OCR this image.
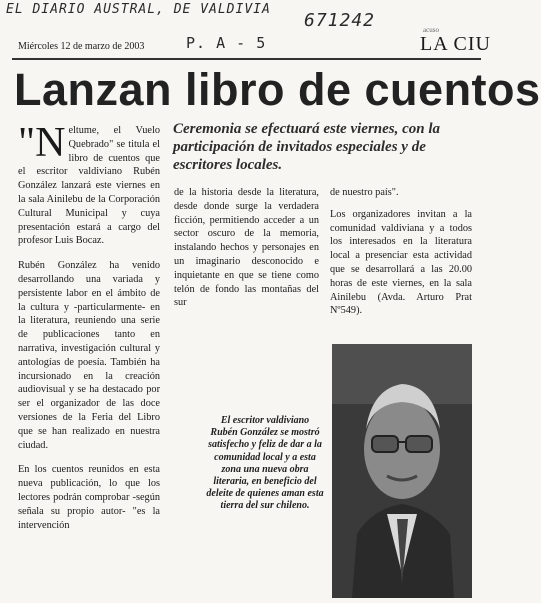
EL DIARIO AUSTRAL, DE VALDIVIA
671242
P. A - 5
Miércoles 12 de marzo de 2003
acuso
LA CIU
Lanzan libro de cuentos
Ceremonia se efectuará este viernes, con la participación de invitados especiales y de escritores locales.

"N eltume, el Vuelo Quebrado" se titula el libro de cuentos que el escritor valdiviano Rubén González lanzará este viernes en la sala Ainilebu de la Corporación Cultural Municipal y cuya presentación estará a cargo del profesor Luis Bocaz.

Rubén González ha venido desarrollando una variada y persistente labor en el ámbito de la cultura y -particularmente- en la literatura, reuniendo una serie de publicaciones tanto en narrativa, investigación cultural y antologías de poesía. También ha incursionado en la creación audiovisual y se ha destacado por ser el organizador de las doce versiones de la Feria del Libro que se han realizado en nuestra ciudad.

En los cuentos reunidos en esta nueva publicación, lo que los lectores podrán comprobar -según señala su propio autor- "es la intervención

de la historia desde la literatura, desde donde surge la verdadera ficción, permitiendo acceder a un sector oscuro de la memoria, instalando hechos y personajes en un imaginario desconocido e inquietante en que se tiene como telón de fondo las montañas del sur

de nuestro país".

Los organizadores invitan a la comunidad valdiviana y a todos los interesados en la literatura local a presenciar esta actividad que se desarrollará a las 20.00 horas de este viernes, en la sala Ainilebu (Avda. Arturo Prat Nº549).

El escritor valdiviano Rubén González se mostró satisfecho y feliz de dar a la comunidad local y a esta zona una nueva obra literaria, en beneficio del deleite de quienes aman esta tierra del sur chileno.
